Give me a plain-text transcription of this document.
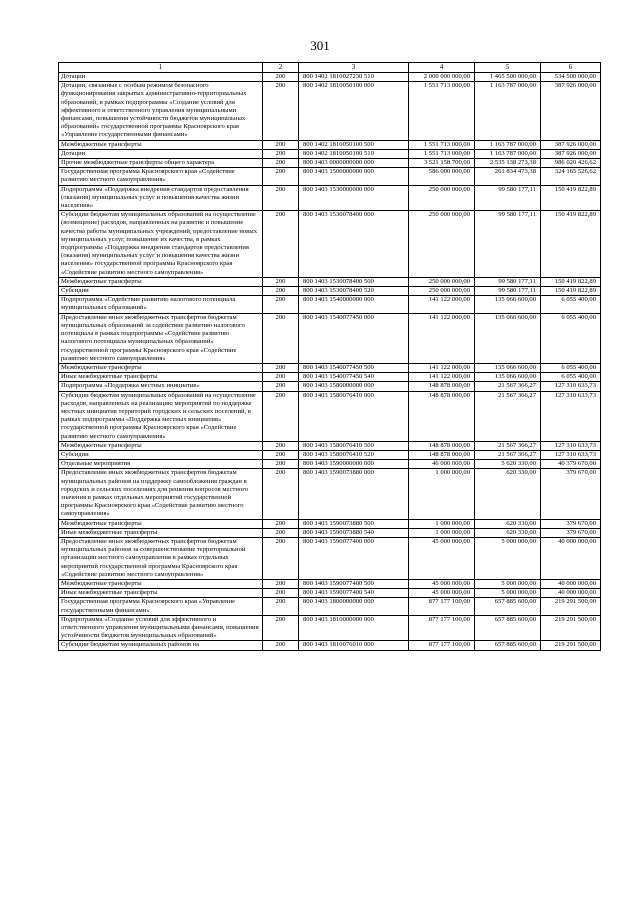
301
1	2	3	4	5	6
Дотации	200	800 1402 1810027230 510	2 000 000 000,00	1 465 500 000,00	534 500 000,00
Дотации, связанные с особым режимом безопасного функционирования закрытых административно-территориальных образований, в рамках подпрограммы «Создание условий для эффективного и ответственного управления муниципальными финансами, повышения устойчивости бюджетов муниципальных образований» государственной программы Красноярского края «Управление государственными финансами»	200	800 1402 1810050100 000	1 551 713 000,00	1 163 787 000,00	387 926 000,00
Межбюджетные трансферты	200	800 1402 1810050100 500	1 551 713 000,00	1 163 787 000,00	387 926 000,00
Дотации	200	800 1402 1810050100 510	1 551 713 000,00	1 163 787 000,00	387 926 000,00
Прочие межбюджетные трансферты общего характера	200	800 1403 0000000000 000	3 521 158 700,00	2 535 138 273,38	986 020 426,62
Государственная программа Красноярского края «Содействие развитию местного самоуправления»	200	800 1403 1500000000 000	586 000 000,00	261 834 473,38	324 165 526,62
Подпрограмма «Поддержка внедрения стандартов предоставления (оказания) муниципальных услуг и повышения качества жизни населения»	200	800 1403 1530000000 000	250 000 000,00	99 580 177,11	150 419 822,89
Субсидии бюджетам муниципальных образований на осуществление (возмещение) расходов, направленных на развитие и повышение качества работы муниципальных учреждений, предоставление новых муниципальных услуг, повышение их качества, в рамках подпрограммы «Поддержка внедрения стандартов предоставления (оказания) муниципальных услуг и повышения качества жизни населения» государственной программы Красноярского края «Содействие развитию местного самоуправления»	200	800 1403 1530078400 000	250 000 000,00	99 580 177,11	150 419 822,89
Межбюджетные трансферты	200	800 1403 1530078400 500	250 000 000,00	99 580 177,11	150 419 822,89
Субсидии	200	800 1403 1530078400 520	250 000 000,00	99 580 177,11	150 419 822,89
Подпрограмма «Содействие развитию налогового потенциала муниципальных образований»	200	800 1403 1540000000 000	141 122 000,00	135 066 600,00	6 055 400,00
Предоставление иных межбюджетных трансфертов бюджетам муниципальных образований за содействие развитию налогового потенциала в рамках подпрограммы «Содействие развитию налогового потенциала муниципальных образований» государственной программы Красноярского края «Содействие развитию местного самоуправления»	200	800 1403 1540077450 000	141 122 000,00	135 066 600,00	6 055 400,00
Межбюджетные трансферты	200	800 1403 1540077450 500	141 122 000,00	135 066 600,00	6 055 400,00
Иные межбюджетные трансферты	200	800 1403 1540077450 540	141 122 000,00	135 066 600,00	6 055 400,00
Подпрограмма «Поддержка местных инициатив»	200	800 1403 1580000000 000	148 878 000,00	21 567 366,27	127 310 633,73
Субсидии бюджетам муниципальных образований на осуществление расходов, направленных на реализацию мероприятий по поддержке местных инициатив территорий городских и сельских поселений, в рамках подпрограммы «Поддержка местных инициатив» государственной программы Красноярского края «Содействие развитию местного самоуправления»	200	800 1403 1580076410 000	148 878 000,00	21 567 366,27	127 310 633,73
Межбюджетные трансферты	200	800 1403 1580076410 500	148 878 000,00	21 567 366,27	127 310 633,73
Субсидии	200	800 1403 1580076410 520	148 878 000,00	21 567 366,27	127 310 633,73
Отдельные мероприятия	200	800 1403 1590000000 000	46 000 000,00	5 620 330,00	40 379 670,00
Предоставление иных межбюджетных трансфертов бюджетам муниципальных районов на поддержку самообложения граждан в городских и сельских поселениях для решения вопросов местного значения в рамках отдельных мероприятий государственной программы Красноярского края «Содействие развитию местного самоуправления»	200	800 1403 1590073880 000	1 000 000,00	620 330,00	379 670,00
Межбюджетные трансферты	200	800 1403 1590073880 500	1 000 000,00	620 330,00	379 670,00
Иные межбюджетные трансферты	200	800 1403 1590073880 540	1 000 000,00	620 330,00	379 670,00
Предоставление иных межбюджетных трансфертов бюджетам муниципальных районов за совершенствование территориальной организации местного самоуправления в рамках отдельных мероприятий государственной программы Красноярского края «Содействие развитию местного самоуправления»	200	800 1403 1590077400 000	45 000 000,00	5 000 000,00	40 000 000,00
Межбюджетные трансферты	200	800 1403 1590077400 500	45 000 000,00	5 000 000,00	40 000 000,00
Иные межбюджетные трансферты	200	800 1403 1590077400 540	45 000 000,00	5 000 000,00	40 000 000,00
Государственная программа Красноярского края «Управление государственными финансами»	200	800 1403 1800000000 000	877 177 100,00	657 885 600,00	219 291 500,00
Подпрограмма «Создание условий для эффективного и ответственного управления муниципальными финансами, повышения устойчивости бюджетов муниципальных образований»	200	800 1403 1810000000 000	877 177 100,00	657 885 600,00	219 291 500,00
Субсидии бюджетам муниципальных районов на	200	800 1403 1810076010 000	877 177 100,00	657 885 600,00	219 291 500,00
